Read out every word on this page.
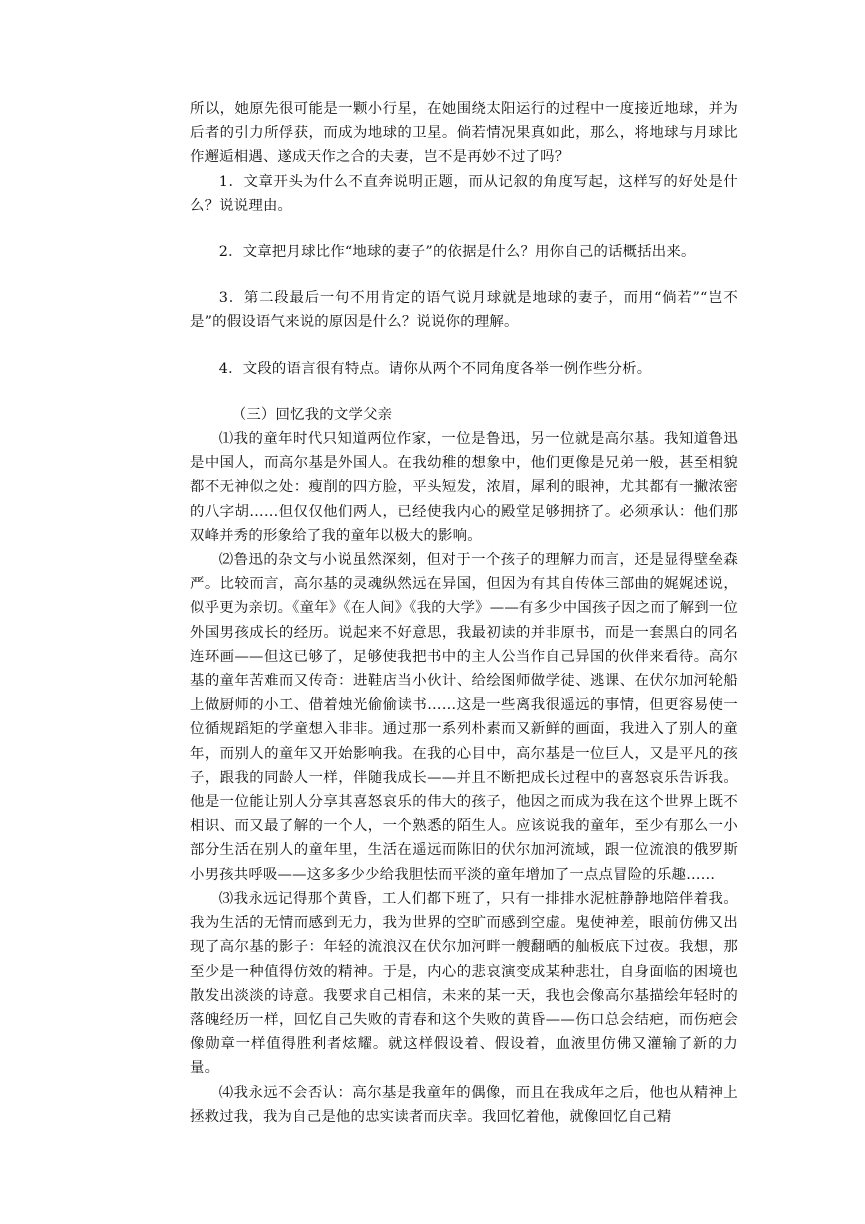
所以，她原先很可能是一颗小行星，在她围绕太阳运行的过程中一度接近地球，并为后者的引力所俘获，而成为地球的卫星。倘若情况果真如此，那么，将地球与月球比作邂逅相遇、遂成天作之合的夫妻，岂不是再妙不过了吗？

1．文章开头为什么不直奔说明正题，而从记叙的角度写起，这样写的好处是什么？说说理由。

2．文章把月球比作“地球的妻子”的依据是什么？用你自己的话概括出来。

3．第二段最后一句不用肯定的语气说月球就是地球的妻子，而用“倘若”“岂不是”的假设语气来说的原因是什么？说说你的理解。

4．文段的语言很有特点。请你从两个不同角度各举一例作些分析。

（三）回忆我的文学父亲

⑴我的童年时代只知道两位作家，一位是鲁迅，另一位就是高尔基。我知道鲁迅是中国人，而高尔基是外国人。在我幼稚的想象中，他们更像是兄弟一般，甚至相貌都不无神似之处：瘦削的四方脸，平头短发，浓眉，犀利的眼神，尤其都有一撇浓密的八字胡……但仅仅他们两人，已经使我内心的殿堂足够拥挤了。必须承认：他们那双峰并秀的形象给了我的童年以极大的影响。

⑵鲁迅的杂文与小说虽然深刻，但对于一个孩子的理解力而言，还是显得壁垒森严。比较而言，高尔基的灵魂纵然远在异国，但因为有其自传体三部曲的娓娓述说，似乎更为亲切。《童年》《在人间》《我的大学》——有多少中国孩子因之而了解到一位外国男孩成长的经历。说起来不好意思，我最初读的并非原书，而是一套黑白的同名连环画——但这已够了，足够使我把书中的主人公当作自己异国的伙伴来看待。高尔基的童年苦难而又传奇：进鞋店当小伙计、给绘图师做学徒、逃课、在伏尔加河轮船上做厨师的小工、借着烛光偷偷读书……这是一些离我很遥远的事情，但更容易使一位循规蹈矩的学童想入非非。通过那一系列朴素而又新鲜的画面，我进入了别人的童年，而别人的童年又开始影响我。在我的心目中，高尔基是一位巨人，又是平凡的孩子，跟我的同龄人一样，伴随我成长——并且不断把成长过程中的喜怒哀乐告诉我。他是一位能让别人分享其喜怒哀乐的伟大的孩子，他因之而成为我在这个世界上既不相识、而又最了解的一个人，一个熟悉的陌生人。应该说我的童年，至少有那么一小部分生活在别人的童年里，生活在遥远而陈旧的伏尔加河流域，跟一位流浪的俄罗斯小男孩共呼吸——这多多少少给我胆怯而平淡的童年增加了一点点冒险的乐趣……

⑶我永远记得那个黄昏，工人们都下班了，只有一排排水泥桩静静地陪伴着我。我为生活的无情而感到无力，我为世界的空旷而感到空虚。鬼使神差，眼前仿佛又出现了高尔基的影子：年轻的流浪汉在伏尔加河畔一艘翻晒的舢板底下过夜。我想，那至少是一种值得仿效的精神。于是，内心的悲哀演变成某种悲壮，自身面临的困境也散发出淡淡的诗意。我要求自己相信，未来的某一天，我也会像高尔基描绘年轻时的落魄经历一样，回忆自己失败的青春和这个失败的黄昏——伤口总会结疤，而伤疤会像勋章一样值得胜利者炫耀。就这样假设着、假设着，血液里仿佛又灌输了新的力量。

⑷我永远不会否认：高尔基是我童年的偶像，而且在我成年之后，他也从精神上拯救过我，我为自己是他的忠实读者而庆幸。我回忆着他，就像回忆自己精
